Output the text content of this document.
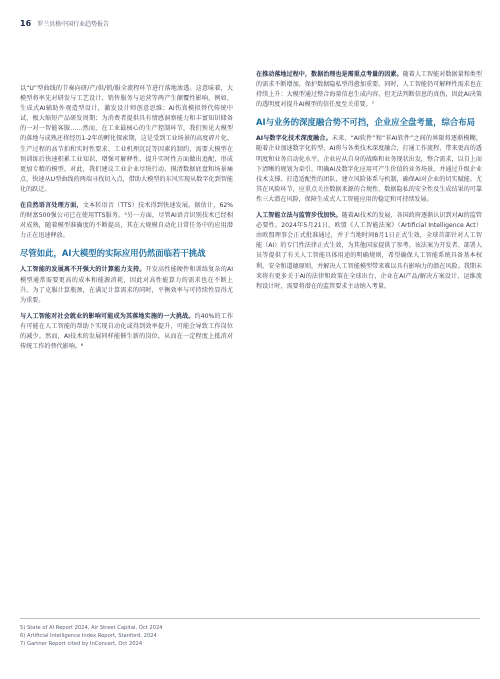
16 罗兰贝格中国行业趋势报告

以“U”型曲线的节奏向研/产/供/销/服全流程环节进行落地渗透。这意味着，大模型将率先对研发与工艺设计、销售服务与运营等两产生颠覆性影响，例如，生成式AI辅助外观造型设计，激发设计师创意思维；AI伤真模拟替代传统中试，极大缩短产品研发周期；为消费者提供具有情感洞察能力和丰富知识储备的一对一智能客服……然而，在工业最核心的生产控制环节，我们预见大模型的落地与成熟还将经历1-2年的孵化探索期，这是受到工业场景的高度碎片化、生产过程的高节拍和实时性要求、工业机理沉淀等因素的制约，需要大模型在预训练后快速积累工业知识、增强可解释性，提升实时性方面做出追配，形成更加专精的模型。对此，我们建议工业企业尽快行动，摸清数据底盘和场景痛点，快速从U型曲线的两端寻找切入点，借助大模型的东风实现从数字化到智能化的跃迁。

在自然语言处理方面，文本转语音（TTS）技术得到快速发展。据估计，62%的财富500强公司已在使用TTS服务。⁵另一方面，尽管AI语音识别技术已经相对成熟，随着模型准确度的不断提高，其在大规模自动化日常任务中的应用潜力正在迅速释放。

尽管如此，AI大模型的实际应用仍然面临若干挑战

人工智能的发展离不开强大的计算能力支持。开发高性能硬件和训练复杂的AI模型通常需要更高的成本和能源消耗，因此对高性能算力的需求也在不断上升。为了克服计算瓶颈，在满足计算需求的同时，平衡效率与可持续性显得尤为重要。

与人工智能对社会就业的影响可能成为其落地实施的一大挑战。约40%的工作有可能在人工智能的帮助下实现自动化或得到效率提升，可能会导致工作岗位的减少。然而，AI技术的发展同样能催生新的岗位，从而在一定程度上抵消对传统工作的替代影响。⁶

在推动落地过程中，数据治理也是需重点考量的因素。随着人工智能对数据量和类型的需求不断增加，保护数据隐私型得愈加重要。同时，人工智能仍可解释性需求也在持续上升：大模型通过整合海量信息生成内容，但无法判断信息的真伪，因此AI决策的透明度对提升AI模型的信任度至关重要。⁷

AI与业务的深度融合势不可挡，企业应全盘考量，综合布局

AI与数字化技术深度融合。未来，“AI软件”和“非AI软件”之间的界限将逐渐模糊，随着企业加速数字化转型，AI将与各类技术深度融合，打通工作流程，带来更高的透明度和业务自动化水平。企业应从自身的战略和业务现状出发，整合需求，以自上而下清晰的规划为牵引，明确AI及数字化应用可产生价值的业务场景，并通过升级企业技术支撑、打造适配性的团队、建立风险体系与机制，确保AI对企业的切实赋能。尤其在风险环节，应重点关注数据来源的合规性、数据隐私的安全性及生成结果的可靠性三大潜在风险，保障生成式人工智能应用的稳定和可持续发展。

人工智能立法与监管步伐加快。随着AI技术的发展，各国政府逐渐认识到对AI的监管必要性。2024年5月21日，欧盟《人工智能法案》（Artificial Intelligence Act）由欧盟理事会正式批准通过，并于当地时间8月1日正式生效，全球首部针对人工智能（AI）的专门性法律正式生效，为其他国家提供了参考。该法案为开发者、部署人员等提供了有关人工智能具体用途的明确规则，希望确保人工智能系统具备基本权利、安全和道德原则，并解决人工智能模型带来难以具有影响力的潜在风险。我期未来将有更多关于AI的法律和政策在全球出台，企业在AI产品/解决方案设计、运维流程设计时，需要将潜在的监管要求主动纳入考量。

5) State of AI Report 2024, Air Street Capital, Oct 2024
6) Artificial Intelligence Index Report, Stanford, 2024
7) Gartner Report cited by InConcert, Oct 2024
